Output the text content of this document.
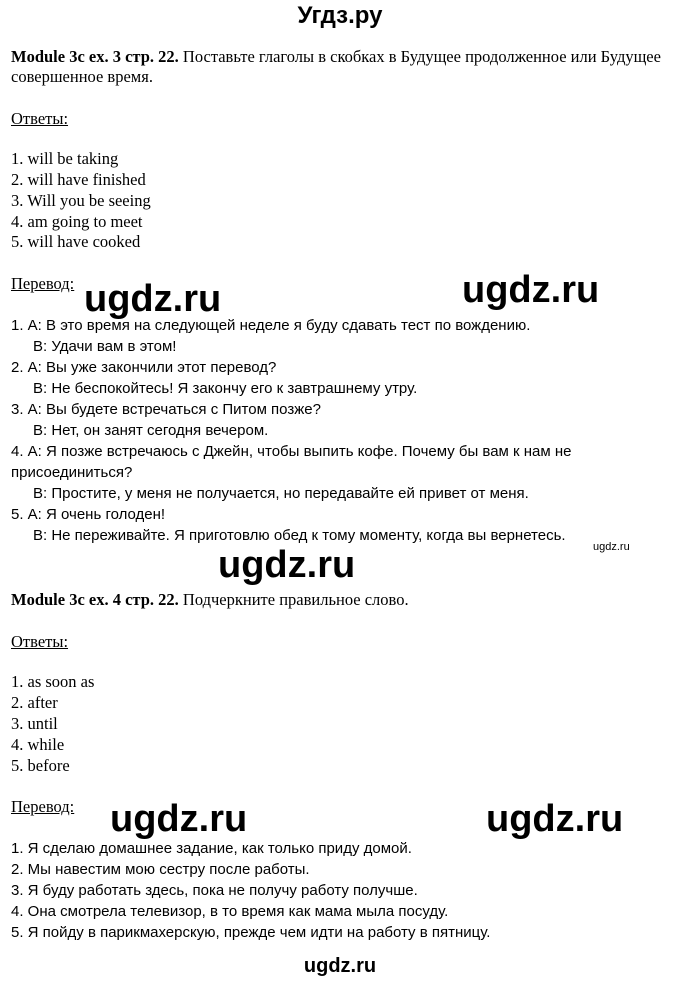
Угдз.ру
Module 3c ex. 3 стр. 22. Поставьте глаголы в скобках в Будущее продолженное или Будущее совершенное время.
Ответы:
1. will be taking
2. will have finished
3. Will you be seeing
4. am going to meet
5. will have cooked
Перевод:
1. А: В это время на следующей неделе я буду сдавать тест по вождению.
В: Удачи вам в этом!
2. А: Вы уже закончили этот перевод?
В: Не беспокойтесь! Я закончу его к завтрашнему утру.
3. А: Вы будете встречаться с Питом позже?
В: Нет, он занят сегодня вечером.
4. А: Я позже встречаюсь с Джейн, чтобы выпить кофе. Почему бы вам к нам не
присоединиться?
В: Простите, у меня не получается, но передавайте ей привет от меня.
5. А: Я очень голоден!
В: Не переживайте. Я приготовлю обед к тому моменту, когда вы вернетесь.
Module 3c ex. 4 стр. 22. Подчеркните правильное слово.
Ответы:
1. as soon as
2. after
3. until
4. while
5. before
Перевод:
1. Я сделаю домашнее задание, как только приду домой.
2. Мы навестим мою сестру после работы.
3. Я буду работать здесь, пока не получу работу получше.
4. Она смотрела телевизор, в то время как мама мыла посуду.
5. Я пойду в парикмахерскую, прежде чем идти на работу в пятницу.
ugdz.ru	ugdz.ru
ugdz.ru
ugdz.ru	ugdz.ru
ugdz.ru
ugdz.ru
